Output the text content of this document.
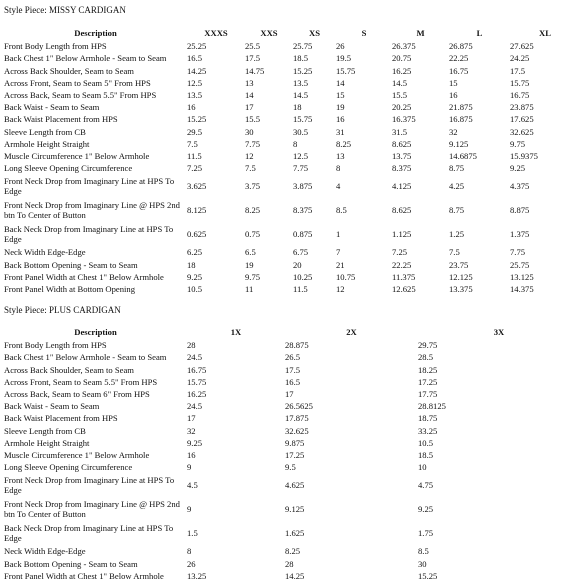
Style Piece: MISSY CARDIGAN
Description	XXXS	XXS	XS	S	M	L	XL
Front Body Length from HPS	25.25	25.5	25.75	26	26.375	26.875	27.625
Back Chest 1" Below Armhole - Seam to Seam	16.5	17.5	18.5	19.5	20.75	22.25	24.25
Across Back Shoulder, Seam to Seam	14.25	14.75	15.25	15.75	16.25	16.75	17.5
Across Front, Seam to Seam 5" From HPS	12.5	13	13.5	14	14.5	15	15.75
Across Back, Seam to Seam 5.5" From HPS	13.5	14	14.5	15	15.5	16	16.75
Back Waist - Seam to Seam	16	17	18	19	20.25	21.875	23.875
Back Waist Placement from HPS	15.25	15.5	15.75	16	16.375	16.875	17.625
Sleeve Length from CB	29.5	30	30.5	31	31.5	32	32.625
Armhole Height Straight	7.5	7.75	8	8.25	8.625	9.125	9.75
Muscle Circumference 1" Below Armhole	11.5	12	12.5	13	13.75	14.6875	15.9375
Long Sleeve Opening Circumference	7.25	7.5	7.75	8	8.375	8.75	9.25
Front Neck Drop from Imaginary Line at HPS To Edge	3.625	3.75	3.875	4	4.125	4.25	4.375
Front Neck Drop from Imaginary Line @ HPS 2nd btn To Center of Button	8.125	8.25	8.375	8.5	8.625	8.75	8.875
Back Neck Drop from Imaginary Line at HPS To Edge	0.625	0.75	0.875	1	1.125	1.25	1.375
Neck Width Edge-Edge	6.25	6.5	6.75	7	7.25	7.5	7.75
Back Bottom Opening - Seam to Seam	18	19	20	21	22.25	23.75	25.75
Front Panel Width at Chest 1" Below Armhole	9.25	9.75	10.25	10.75	11.375	12.125	13.125
Front Panel Width at Bottom Opening	10.5	11	11.5	12	12.625	13.375	14.375
Style Piece: PLUS CARDIGAN
Description	1X	2X	3X
Front Body Length from HPS	28	28.875	29.75
Back Chest 1" Below Armhole - Seam to Seam	24.5	26.5	28.5
Across Back Shoulder, Seam to Seam	16.75	17.5	18.25
Across Front, Seam to Seam 5.5" From HPS	15.75	16.5	17.25
Across Back, Seam to Seam 6" From HPS	16.25	17	17.75
Back Waist - Seam to Seam	24.5	26.5625	28.8125
Back Waist Placement from HPS	17	17.875	18.75
Sleeve Length from CB	32	32.625	33.25
Armhole Height Straight	9.25	9.875	10.5
Muscle Circumference 1" Below Armhole	16	17.25	18.5
Long Sleeve Opening Circumference	9	9.5	10
Front Neck Drop from Imaginary Line at HPS To Edge	4.5	4.625	4.75
Front Neck Drop from Imaginary Line @ HPS 2nd btn To Center of Button	9	9.125	9.25
Back Neck Drop from Imaginary Line at HPS To Edge	1.5	1.625	1.75
Neck Width Edge-Edge	8	8.25	8.5
Back Bottom Opening - Seam to Seam	26	28	30
Front Panel Width at Chest 1" Below Armhole	13.25	14.25	15.25
